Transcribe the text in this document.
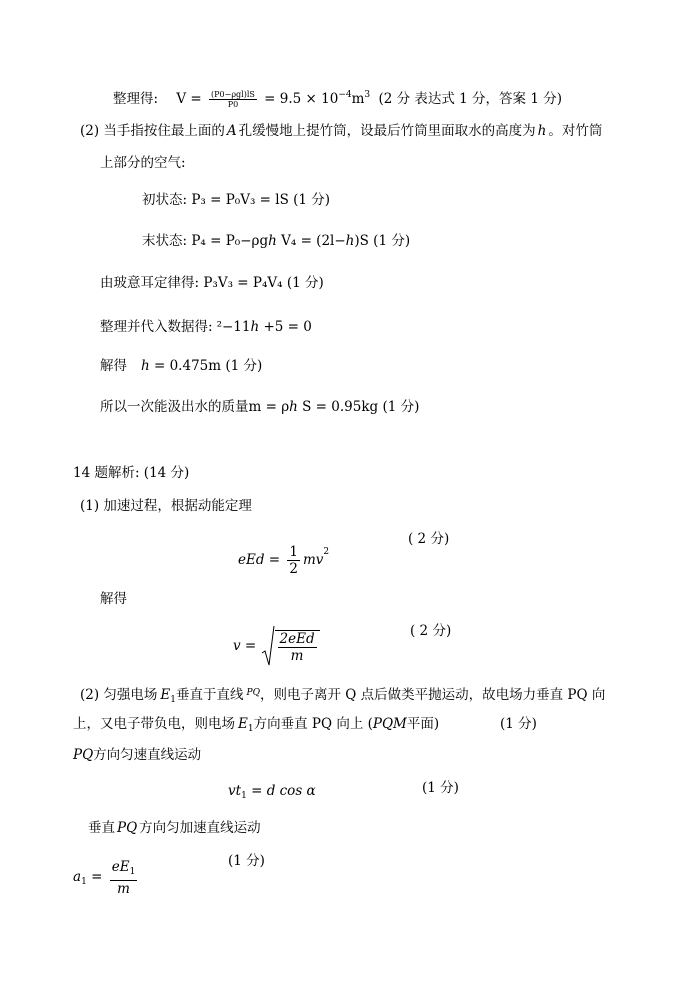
整理得: $V = \frac{\text{(P0−ρgl)lS}}{P0} = 9.5 \times 10^{-4}m^3$ (2 分 表达式 1 分，答案 1 分)
(2) 当手指按住最上面的 A 孔缓慢地上提竹筒，设最后竹筒里面取水的高度为 h 。对竹筒
上部分的空气:
初状态: P₃ = P₀V₃ = lS (1 分)
末状态: P₄ = P₀−ρgh V₄ = (2l−h)S (1 分)
由玻意耳定律得: P₃V₃ = P₄V₄ (1 分)
整理并代入数据得: ²−11h +5 = 0
解得 h = 0.475m (1 分)
所以一次能汲出水的质量m = ρh S = 0.95kg (1 分)
14 题解析: (14 分)
(1) 加速过程，根据动能定理
eEd = $\frac{1}{2} mv^2$
( 2 分)
解得
$v = \frac{\text{2eEd}}{m}$	( 2 分)
(2) 匀强电场 $E_1$垂直于直线 $^{PQ}$，则电子离开 Q 点后做类平抛运动，故电场力垂直 PQ 向
上，又电子带负电，则电场 $E_1$方向垂直 PQ 向上 (PQM平面)	(1 分)
PQ方向匀速直线运动
$vt_1 = d$ cos α	(1 分)
垂直 PQ 方向匀加速直线运动
(1 分)
$a_1 = \frac{eE_1}{m}$
